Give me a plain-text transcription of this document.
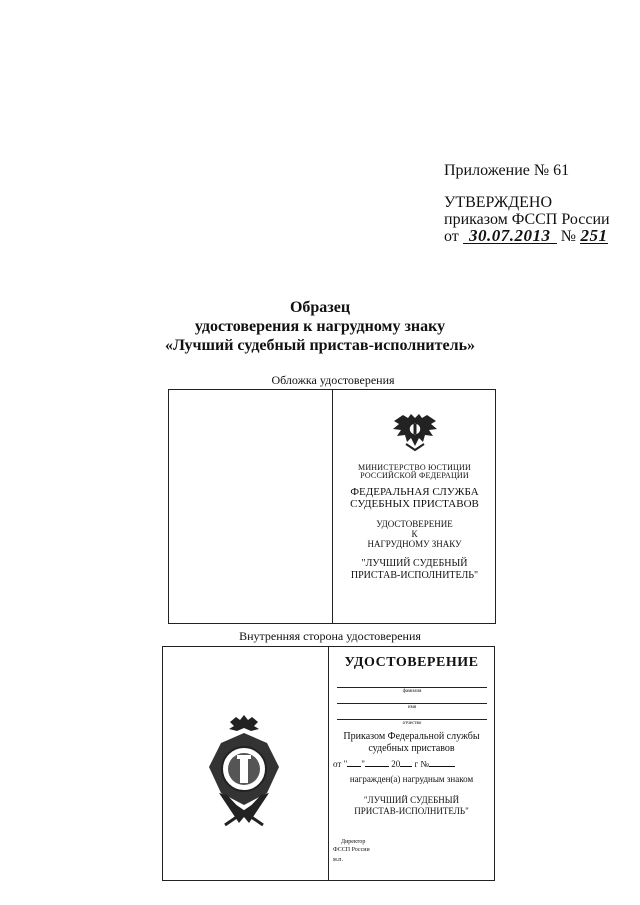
Приложение № 61
УТВЕРЖДЕНО
приказом ФССП России
от 30.07.2013 № 251
Образец
удостоверения к нагрудному знаку
«Лучший судебный пристав-исполнитель»
Обложка удостоверения
МИНИСТЕРСТВО ЮСТИЦИИ
РОССИЙСКОЙ ФЕДЕРАЦИИ
ФЕДЕРАЛЬНАЯ СЛУЖБА
СУДЕБНЫХ ПРИСТАВОВ
УДОСТОВЕРЕНИЕ
К
НАГРУДНОМУ ЗНАКУ
"ЛУЧШИЙ СУДЕБНЫЙ
ПРИСТАВ-ИСПОЛНИТЕЛЬ"
Внутренняя сторона удостоверения
УДОСТОВЕРЕНИЕ
фамилия
имя
отчество
Приказом Федеральной службы
судебных приставов
от " "	20 г №
награжден(а) нагрудным знаком
"ЛУЧШИЙ СУДЕБНЫЙ
ПРИСТАВ-ИСПОЛНИТЕЛЬ"
Директор
ФССП России
м.п.
